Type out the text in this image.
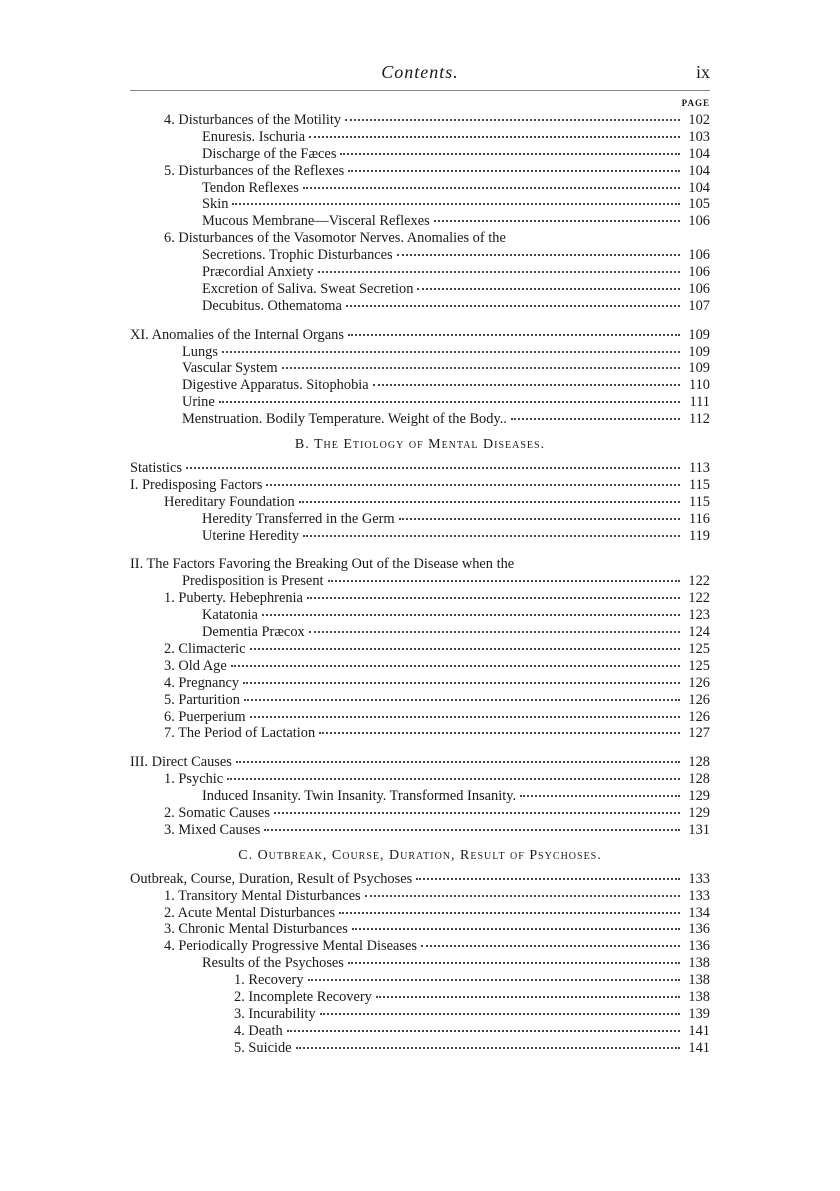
Contents.	ix
PAGE
4. Disturbances of the Motility	102
Enuresis. Ischuria	103
Discharge of the Fæces	104
5. Disturbances of the Reflexes	104
Tendon Reflexes	104
Skin	105
Mucous Membrane—Visceral Reflexes	106
6. Disturbances of the Vasomotor Nerves. Anomalies of the
Secretions. Trophic Disturbances	106
Præcordial Anxiety	106
Excretion of Saliva. Sweat Secretion	106
Decubitus. Othematoma	107
XI. Anomalies of the Internal Organs	109
Lungs	109
Vascular System	109
Digestive Apparatus. Sitophobia	110
Urine	111
Menstruation. Bodily Temperature. Weight of the Body..	112
B. The Etiology of Mental Diseases.
Statistics	113
I. Predisposing Factors	115
Hereditary Foundation	115
Heredity Transferred in the Germ	116
Uterine Heredity	119
II. The Factors Favoring the Breaking Out of the Disease when the
Predisposition is Present	122
1. Puberty. Hebephrenia	122
Katatonia	123
Dementia Præcox	124
2. Climacteric	125
3. Old Age	125
4. Pregnancy	126
5. Parturition	126
6. Puerperium	126
7. The Period of Lactation	127
III. Direct Causes	128
1. Psychic	128
Induced Insanity. Twin Insanity. Transformed Insanity.	129
2. Somatic Causes	129
3. Mixed Causes	131
C. Outbreak, Course, Duration, Result of Psychoses.
Outbreak, Course, Duration, Result of Psychoses	133
1. Transitory Mental Disturbances	133
2. Acute Mental Disturbances	134
3. Chronic Mental Disturbances	136
4. Periodically Progressive Mental Diseases	136
Results of the Psychoses	138
1. Recovery	138
2. Incomplete Recovery	138
3. Incurability	139
4. Death	141
5. Suicide	141
